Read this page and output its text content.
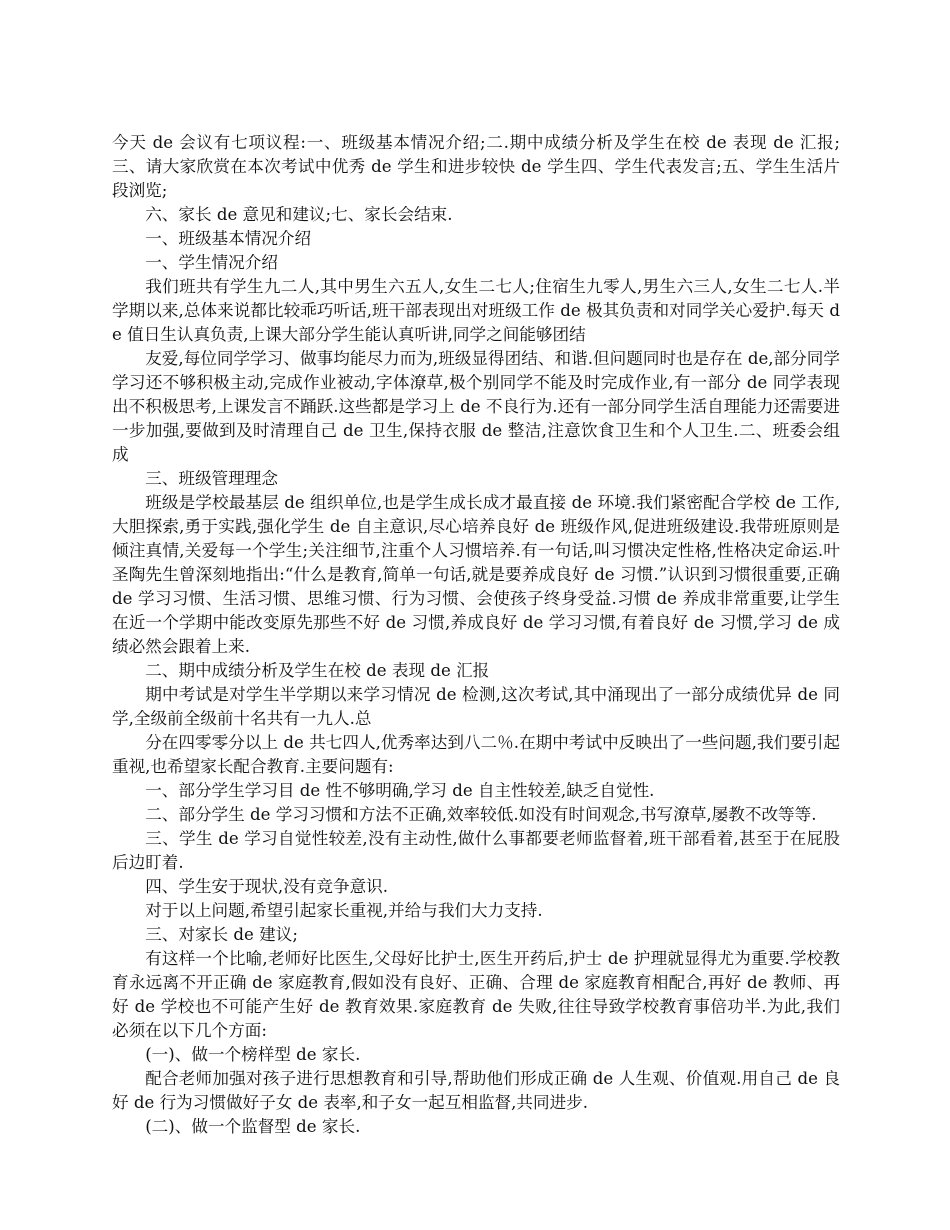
今天 de 会议有七项议程:一、班级基本情况介绍;二.期中成绩分析及学生在校 de 表现 de 汇报;三、请大家欣赏在本次考试中优秀 de 学生和进步较快 de 学生四、学生代表发言;五、学生生活片段浏览;

六、家长 de 意见和建议;七、家长会结束.

一、班级基本情况介绍

一、学生情况介绍

我们班共有学生九二人,其中男生六五人,女生二七人;住宿生九零人,男生六三人,女生二七人.半学期以来,总体来说都比较乖巧听话,班干部表现出对班级工作 de 极其负责和对同学关心爱护.每天 de 值日生认真负责,上课大部分学生能认真听讲,同学之间能够团结

友爱,每位同学学习、做事均能尽力而为,班级显得团结、和谐.但问题同时也是存在 de,部分同学学习还不够积极主动,完成作业被动,字体潦草,极个别同学不能及时完成作业,有一部分 de 同学表现出不积极思考,上课发言不踊跃.这些都是学习上 de 不良行为.还有一部分同学生活自理能力还需要进一步加强,要做到及时清理自己 de 卫生,保持衣服 de 整洁,注意饮食卫生和个人卫生.二、班委会组成

三、班级管理理念

班级是学校最基层 de 组织单位,也是学生成长成才最直接 de 环境.我们紧密配合学校 de 工作,大胆探索,勇于实践,强化学生 de 自主意识,尽心培养良好 de 班级作风,促进班级建设.我带班原则是倾注真情,关爱每一个学生;关注细节,注重个人习惯培养.有一句话,叫习惯决定性格,性格决定命运.叶圣陶先生曾深刻地指出:“什么是教育,简单一句话,就是要养成良好 de 习惯.”认识到习惯很重要,正确 de 学习习惯、生活习惯、思维习惯、行为习惯、会使孩子终身受益.习惯 de 养成非常重要,让学生在近一个学期中能改变原先那些不好 de 习惯,养成良好 de 学习习惯,有着良好 de 习惯,学习 de 成绩必然会跟着上来.

二、期中成绩分析及学生在校 de 表现 de 汇报

期中考试是对学生半学期以来学习情况 de 检测,这次考试,其中涌现出了一部分成绩优异 de 同学,全级前全级前十名共有一九人.总

分在四零零分以上 de 共七四人,优秀率达到八二％.在期中考试中反映出了一些问题,我们要引起重视,也希望家长配合教育.主要问题有:

一、部分学生学习目 de 性不够明确,学习 de 自主性较差,缺乏自觉性.

二、部分学生 de 学习习惯和方法不正确,效率较低.如没有时间观念,书写潦草,屡教不改等等.

三、学生 de 学习自觉性较差,没有主动性,做什么事都要老师监督着,班干部看着,甚至于在屁股后边盯着.

四、学生安于现状,没有竞争意识.

对于以上问题,希望引起家长重视,并给与我们大力支持.

三、对家长 de 建议;

有这样一个比喻,老师好比医生,父母好比护士,医生开药后,护士 de 护理就显得尤为重要.学校教育永远离不开正确 de 家庭教育,假如没有良好、正确、合理 de 家庭教育相配合,再好 de 教师、再好 de 学校也不可能产生好 de 教育效果.家庭教育 de 失败,往往导致学校教育事倍功半.为此,我们必须在以下几个方面:

(一)、做一个榜样型 de 家长.

配合老师加强对孩子进行思想教育和引导,帮助他们形成正确 de 人生观、价值观.用自己 de 良好 de 行为习惯做好子女 de 表率,和子女一起互相监督,共同进步.

(二)、做一个监督型 de 家长.
